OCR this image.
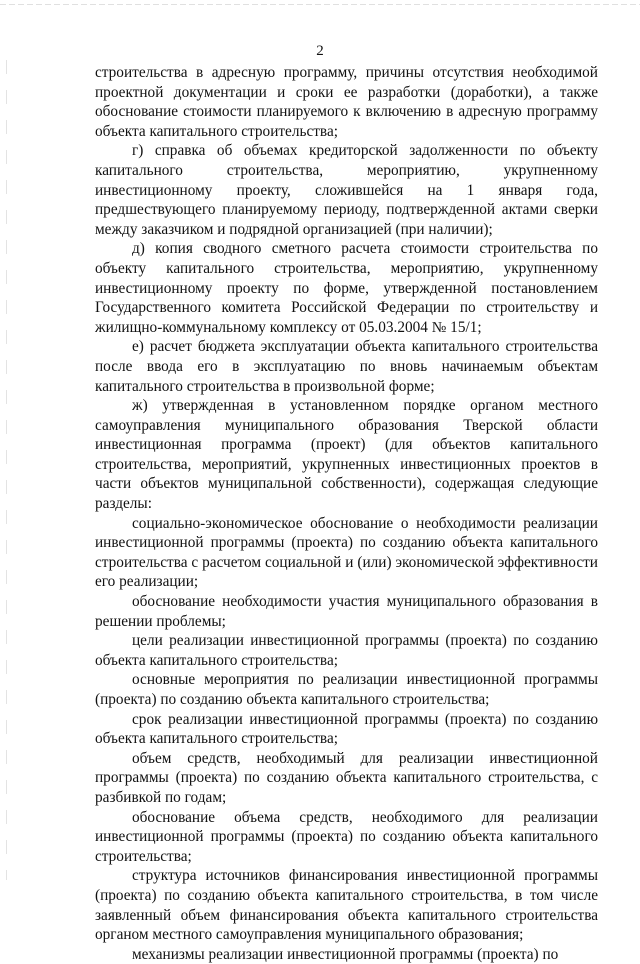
2

строительства в адресную программу, причины отсутствия необходимой проектной документации и сроки ее разработки (доработки), а также обоснование стоимости планируемого к включению в адресную программу объекта капитального строительства;

г) справка об объемах кредиторской задолженности по объекту капитального строительства, мероприятию, укрупненному инвестиционному проекту, сложившейся на 1 января года, предшествующего планируемому периоду, подтвержденной актами сверки между заказчиком и подрядной организацией (при наличии);

д) копия сводного сметного расчета стоимости строительства по объекту капитального строительства, мероприятию, укрупненному инвестиционному проекту по форме, утвержденной постановлением Государственного комитета Российской Федерации по строительству и жилищно-коммунальному комплексу от 05.03.2004 № 15/1;

е) расчет бюджета эксплуатации объекта капитального строительства после ввода его в эксплуатацию по вновь начинаемым объектам капитального строительства в произвольной форме;

ж) утвержденная в установленном порядке органом местного самоуправления муниципального образования Тверской области инвестиционная программа (проект) (для объектов капитального строительства, мероприятий, укрупненных инвестиционных проектов в части объектов муниципальной собственности), содержащая следующие разделы:

социально-экономическое обоснование о необходимости реализации инвестиционной программы (проекта) по созданию объекта капитального строительства с расчетом социальной и (или) экономической эффективности его реализации;

обоснование необходимости участия муниципального образования в решении проблемы;

цели реализации инвестиционной программы (проекта) по созданию объекта капитального строительства;

основные мероприятия по реализации инвестиционной программы (проекта) по созданию объекта капитального строительства;

срок реализации инвестиционной программы (проекта) по созданию объекта капитального строительства;

объем средств, необходимый для реализации инвестиционной программы (проекта) по созданию объекта капитального строительства, с разбивкой по годам;

обоснование объема средств, необходимого для реализации инвестиционной программы (проекта) по созданию объекта капитального строительства;

структура источников финансирования инвестиционной программы (проекта) по созданию объекта капитального строительства, в том числе заявленный объем финансирования объекта капитального строительства органом местного самоуправления муниципального образования;

механизмы реализации инвестиционной программы (проекта) по
